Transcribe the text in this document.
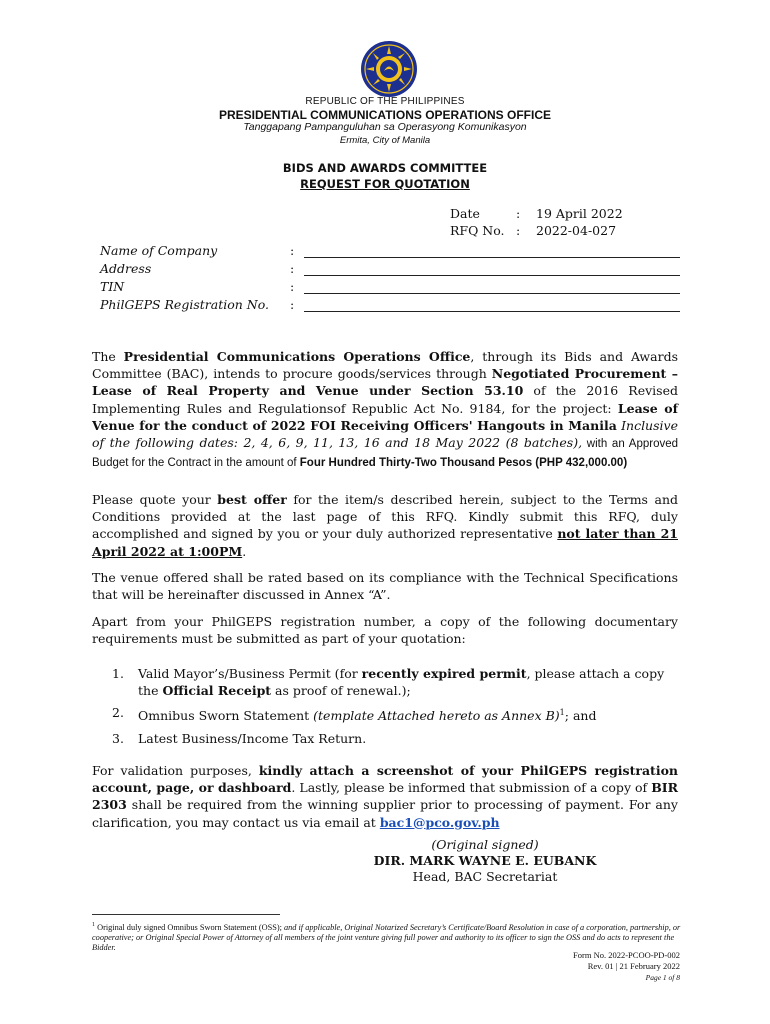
REPUBLIC OF THE PHILIPPINES
PRESIDENTIAL COMMUNICATIONS OPERATIONS OFFICE
Tanggapang Pampanguluhan sa Operasyong Komunikasyon
Ermita, City of Manila
BIDS AND AWARDS COMMITTEE
REQUEST FOR QUOTATION
Date	:	19 April 2022
RFQ No. :	2022-04-027
Name of Company	:
Address	:
TIN	:
PhilGEPS Registration No.	:
The Presidential Communications Operations Office, through its Bids and Awards Committee (BAC), intends to procure goods/services through Negotiated Procurement – Lease of Real Property and Venue under Section 53.10 of the 2016 Revised Implementing Rules and Regulationsof Republic Act No. 9184, for the project: Lease of Venue for the conduct of 2022 FOI Receiving Officers' Hangouts in Manila Inclusive of the following dates: 2, 4, 6, 9, 11, 13, 16 and 18 May 2022 (8 batches), with an Approved Budget for the Contract in the amount of Four Hundred Thirty-Two Thousand Pesos (PHP 432,000.00)
Please quote your best offer for the item/s described herein, subject to the Terms and Conditions provided at the last page of this RFQ. Kindly submit this RFQ, duly accomplished and signed by you or your duly authorized representative not later than 21 April 2022 at 1:00PM.
The venue offered shall be rated based on its compliance with the Technical Specifications that will be hereinafter discussed in Annex “A”.
Apart from your PhilGEPS registration number, a copy of the following documentary requirements must be submitted as part of your quotation:
1.	Valid Mayor’s/Business Permit (for recently expired permit, please attach a copy the Official Receipt as proof of renewal.);
2.	Omnibus Sworn Statement (template Attached hereto as Annex B)$^1$; and
3.	Latest Business/Income Tax Return.
For validation purposes, kindly attach a screenshot of your PhilGEPS registration account, page, or dashboard. Lastly, please be informed that submission of a copy of BIR 2303 shall be required from the winning supplier prior to processing of payment. For any clarification, you may contact us via email at bac1@pco.gov.ph
(Original signed)
DIR. MARK WAYNE E. EUBANK
Head, BAC Secretariat
$^1$ Original duly signed Omnibus Sworn Statement (OSS); and if applicable, Original Notarized Secretary’s Certificate/Board Resolution in case of a corporation, partnership, or cooperative; or Original Special Power of Attorney of all members of the joint venture giving full power and authority to its officer to sign the OSS and do acts to represent the Bidder.
Form No. 2022-PCOO-PD-002
Rev. 01 | 21 February 2022
Page 1 of 8
